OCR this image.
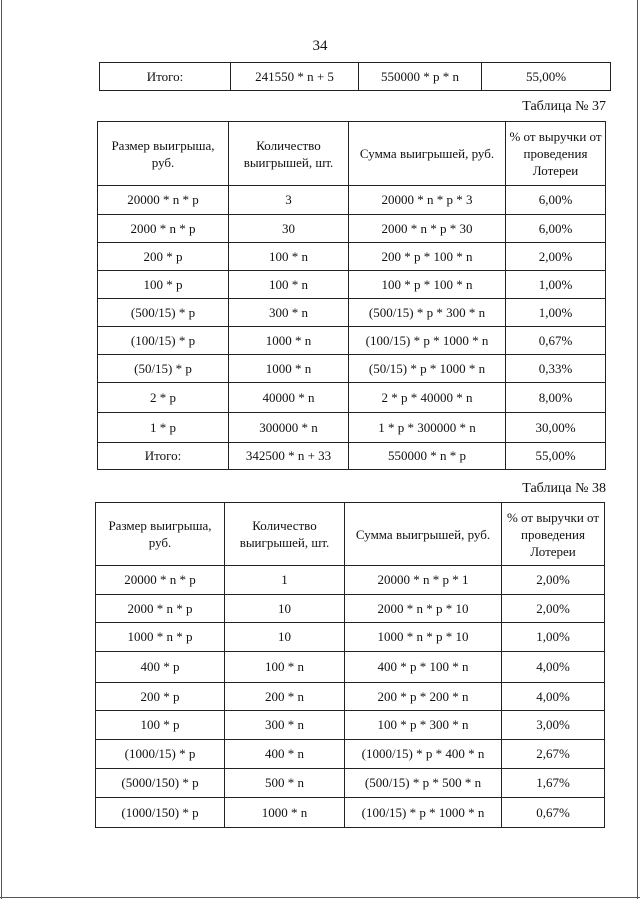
34
Итого:	241550 * n + 5	550000 * p * n	55,00%
Таблица № 37
Размер выигрыша, руб.	Количество выигрышей, шт.	Сумма выигрышей, руб.	% от выручки от проведения Лотереи
20000 * n * p	3	20000 * n * p * 3	6,00%
2000 * n * p	30	2000 * n * p * 30	6,00%
200 * p	100 * n	200 * p * 100 * n	2,00%
100 * p	100 * n	100 * p * 100 * n	1,00%
(500/15) * p	300 * n	(500/15) * p * 300 * n	1,00%
(100/15) * p	1000 * n	(100/15) * p * 1000 * n	0,67%
(50/15) * p	1000 * n	(50/15) * p * 1000 * n	0,33%
2 * p	40000 * n	2 * p * 40000 * n	8,00%
1 * p	300000 * n	1 * p * 300000 * n	30,00%
Итого:	342500 * n + 33	550000 * n * p	55,00%
Таблица № 38
Размер выигрыша, руб.	Количество выигрышей, шт.	Сумма выигрышей, руб.	% от выручки от проведения Лотереи
20000 * n * p	1	20000 * n * p * 1	2,00%
2000 * n * p	10	2000 * n * p * 10	2,00%
1000 * n * p	10	1000 * n * p * 10	1,00%
400 * p	100 * n	400 * p * 100 * n	4,00%
200 * p	200 * n	200 * p * 200 * n	4,00%
100 * p	300 * n	100 * p * 300 * n	3,00%
(1000/15) * p	400 * n	(1000/15) * p * 400 * n	2,67%
(5000/150) * p	500 * n	(500/15) * p * 500 * n	1,67%
(1000/150) * p	1000 * n	(100/15) * p * 1000 * n	0,67%
